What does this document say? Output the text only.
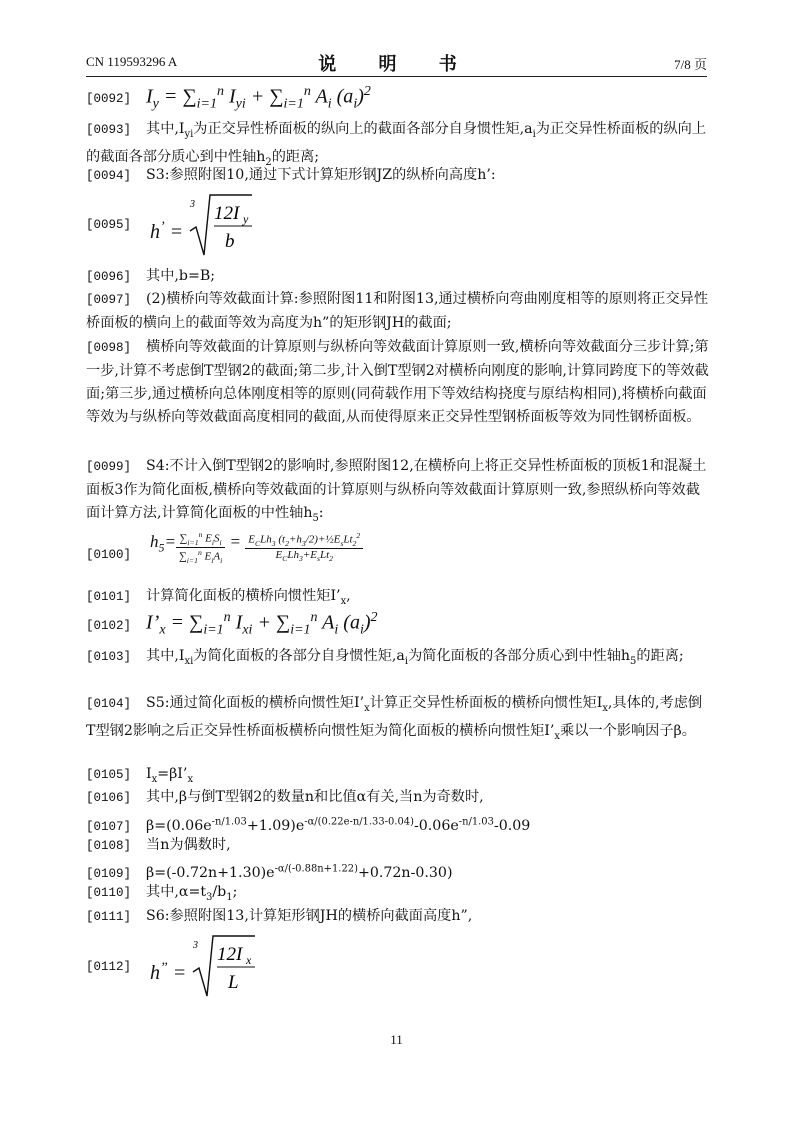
CN 119593296 A	说 明 书	7/8 页
[0092] $I_y = \sum_{i=1}^n$ $I_{yi} + \sum_{i=1}^n$ $A_i$ $(a_i)^2$
[0093] 其中$,I_{yi}$为正交异性桥面板的纵向上的截面各部分自身惯性矩$,a_i$为正交异性桥面板的纵向上的截面各部分质心到中性轴$h_2$的距离;
[0094] S3:参照附图10,通过下式计算矩形钢JZ的纵桥向高度h’:
[0095] h’ =
3 12I y
b
[0096] 其中,b=B;
[0097] (2)横桥向等效截面计算:参照附图11和附图13,通过横桥向弯曲刚度相等的原则将正交异性桥面板的横向上的截面等效为高度为h”的矩形钢JH的截面;
[0098] 横桥向等效截面的计算原则与纵桥向等效截面计算原则一致,横桥向等效截面分三步计算;第一步,计算不考虑倒T型钢2的截面;第二步,计入倒T型钢2对横桥向刚度的影响,计算同跨度下的等效截面;第三步,通过横桥向总体刚度相等的原则(同荷载作用下等效结构挠度与原结构相同),将横桥向截面等效为与纵桥向等效截面高度相同的截面,从而使得原来正交异性型钢桥面板等效为同性钢桥面板。
[0099] S4:不计入倒T型钢2的影响时,参照附图12,在横桥向上将正交异性桥面板的顶板1和混凝土面板3作为简化面板,横桥向等效截面的计算原则与纵桥向等效截面计算原则一致,参照纵桥向等效截面计算方法,计算简化面板的中性轴$h_5$:
[0100]
$h_5= \frac{\sum_{i=1}^n E_iS_i}{\sum_{i=1}^n E_iA_i} = \frac{E_CLh_3 (t_2+h_3/2)+\frac{1}{2}E_sLt_2^2}{E_CLh_3+E_sLt_2}$
[0101] 计算简化面板的横桥向惯性矩$I’_x$,
[0102] $I’_x = \sum_{i=1}^n$ $I_{xi} + \sum_{i=1}^n$ $A_i$ $(a_i)^2$
[0103] 其中$,I_{xi}$为简化面板的各部分自身惯性矩$,a_i$为简化面板的各部分质心到中性轴$h_5$的距离;
[0104] S5:通过简化面板的横桥向惯性矩$I’_x$计算正交异性桥面板的横桥向惯性矩$I_x$,具体的,考虑倒T型钢2影响之后正交异性桥面板横桥向惯性矩为简化面板的横桥向惯性矩$I’_x$乘以一个影响因子β。
[0105] $I_x=\beta I’_x$
[0106] 其中,β与倒T型钢2的数量n和比值α有关,当n为奇数时,
[0107] $\beta=(0.06e^{-n/1.03}+1.09)e^{-\alpha/(0.22e-n/1.33-0.04)}-0.06e^{-n/1.03}-0.09$
[0108] 当n为偶数时,
[0109] $\beta=(-0.72n+1.30)e^{-\alpha/(-0.88n+1.22)}+0.72n-0.30$)
[0110] 其中$,\alpha=t_3/b_1$;
[0111] S6:参照附图13,计算矩形钢JH的横桥向截面高度h”,
[0112] h” =
3 12I x
L
11
